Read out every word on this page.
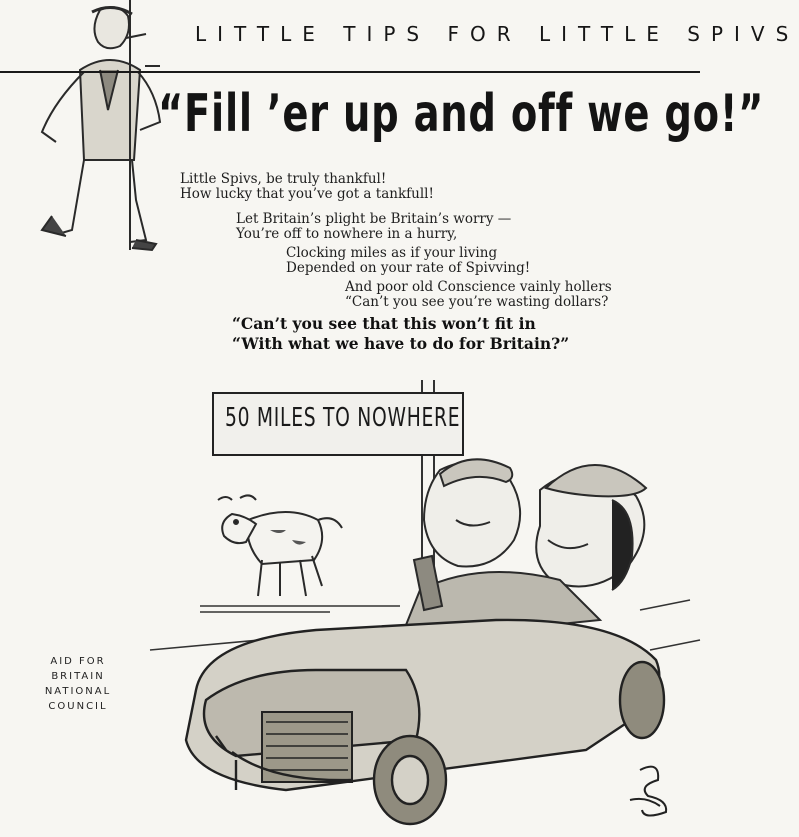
LITTLE TIPS FOR LITTLE SPIVS
“Fill ’er up and off we go!”
Little Spivs, be truly thankful!
How lucky that you’ve got a tankfull!
Let Britain’s plight be Britain’s worry —
You’re off to nowhere in a hurry,
Clocking miles as if your living
Depended on your rate of Spivving!
And poor old Conscience vainly hollers
“Can’t you see you’re wasting dollars?
“Can’t you see that this won’t fit in
“With what we have to do for Britain?”
50 MILES TO NOWHERE
AID FOR
BRITAIN
NATIONAL
COUNCIL
